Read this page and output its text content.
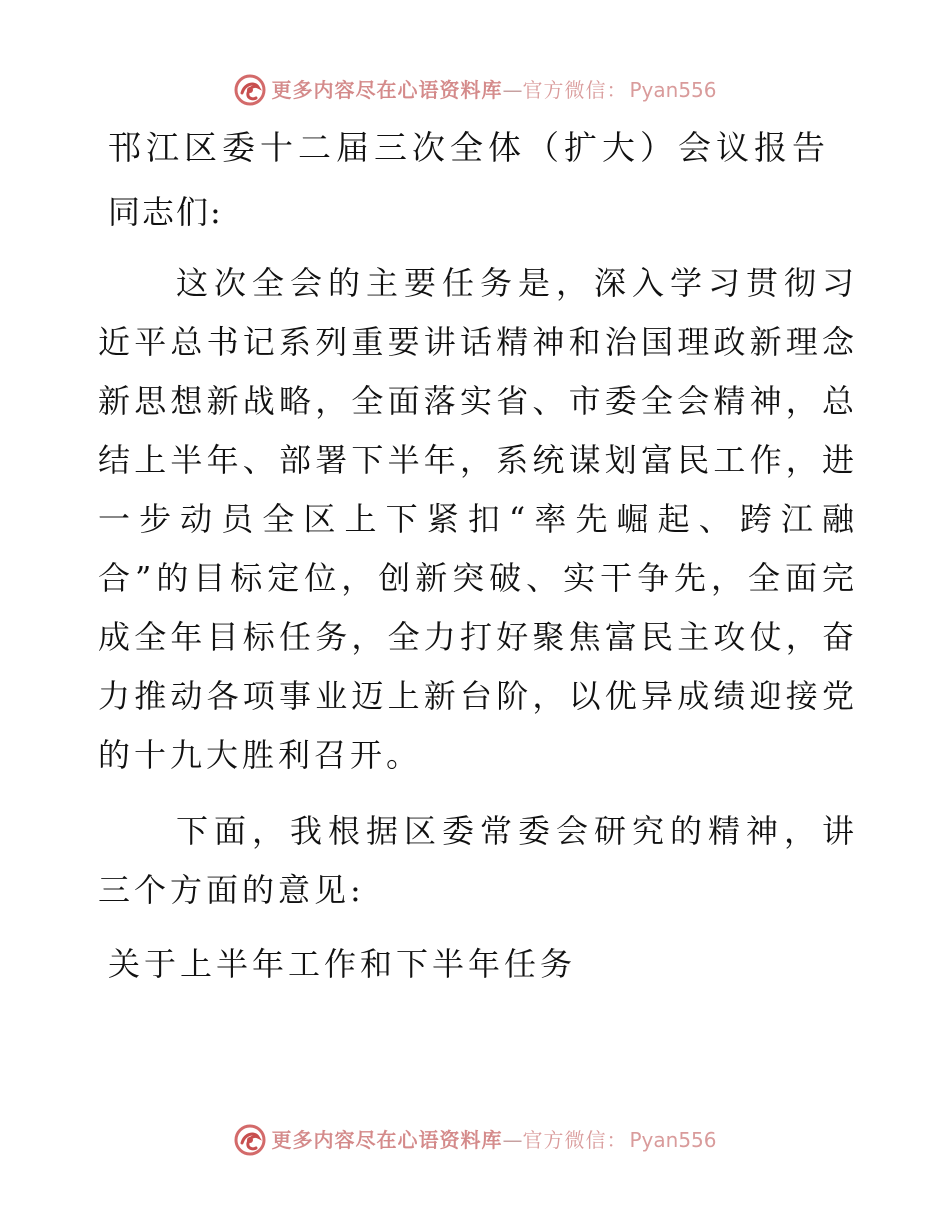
更多内容尽在心语资料库 — 官方微信： Pyan556
邗江区委十二届三次全体（扩大）会议报告

同志们:

这次全会的主要任务是，深入学习贯彻习近平总书记系列重要讲话精神和治国理政新理念新思想新战略，全面落实省、市委全会精神，总结上半年、部署下半年，系统谋划富民工作，进一步动员全区上下紧扣“率先崛起、跨江融合”的目标定位，创新突破、实干争先，全面完成全年目标任务，全力打好聚焦富民主攻仗，奋力推动各项事业迈上新台阶，以优异成绩迎接党的十九大胜利召开。

下面，我根据区委常委会研究的精神，讲三个方面的意见:

关于上半年工作和下半年任务
更多内容尽在心语资料库 — 官方微信： Pyan556
